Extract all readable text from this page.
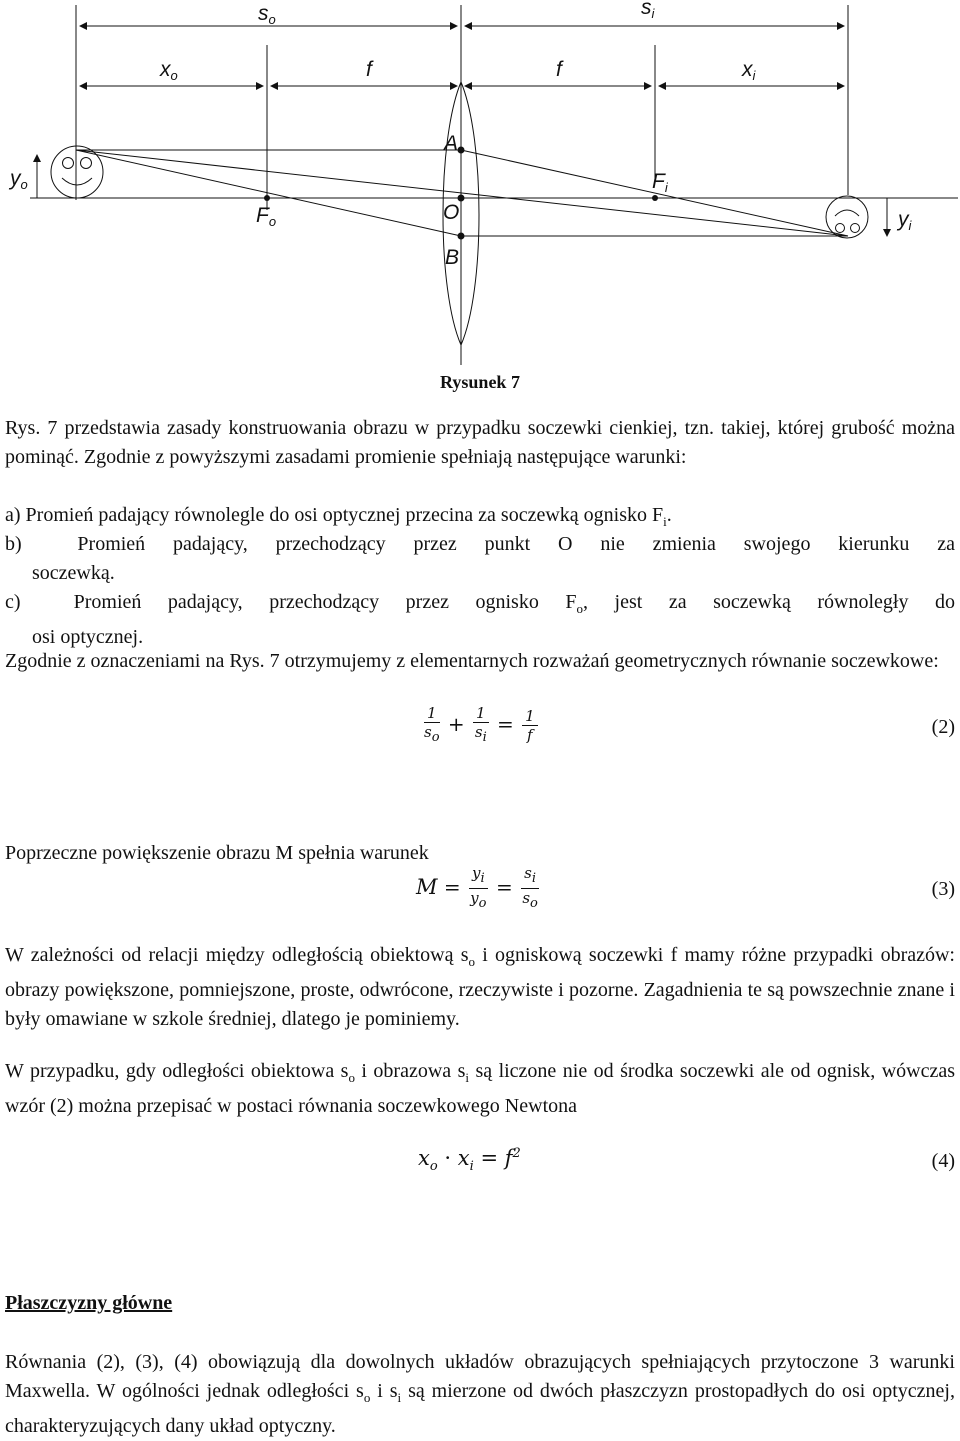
so
si
xo	f	f	xi
yo
A
O
B
Fo
Fi
yi
Rysunek 7
Rys. 7 przedstawia zasady konstruowania obrazu w przypadku soczewki cienkiej, tzn. takiej, której grubość można pominąć. Zgodnie z powyższymi zasadami promienie spełniają następujące warunki:
a) Promień padający równolegle do osi optycznej przecina za soczewką ognisko $F_i$.
b)	Promień padający, przechodzący przez punkt O nie zmienia swojego kierunku za
soczewką.
c)	Promień padający, przechodzący przez ognisko $F_o$, jest za soczewką równoległy do
osi optycznej.
Zgodnie z oznaczeniami na Rys. 7 otrzymujemy z elementarnych rozważań geometrycznych równanie soczewkowe:
$\frac{1}{s_o} + \frac{1}{s_i} = \frac{1}{f}$	(2)
Poprzeczne powiększenie obrazu M spełnia warunek
$M = \frac{y_i}{y_o} = \frac{s_i}{s_o}$	(3)
W zależności od relacji między odległością obiektową $s_o$ i ogniskową soczewki f mamy różne przypadki obrazów: obrazy powiększone, pomniejszone, proste, odwrócone, rzeczywiste i pozorne. Zagadnienia te są powszechnie znane i były omawiane w szkole średniej, dlatego je pominiemy.
W przypadku, gdy odległości obiektowa $s_o$ i obrazowa $s_i$ są liczone nie od środka soczewki ale od ognisk, wówczas wzór (2) można przepisać w postaci równania soczewkowego Newtona
$x_o \cdot x_i = f^2$	(4)
Płaszczyzny główne
Równania (2), (3), (4) obowiązują dla dowolnych układów obrazujących spełniających przytoczone 3 warunki Maxwella. W ogólności jednak odległości $s_o$ i $s_i$ są mierzone od dwóch płaszczyzn prostopadłych do osi optycznej, charakteryzujących dany układ optyczny.
